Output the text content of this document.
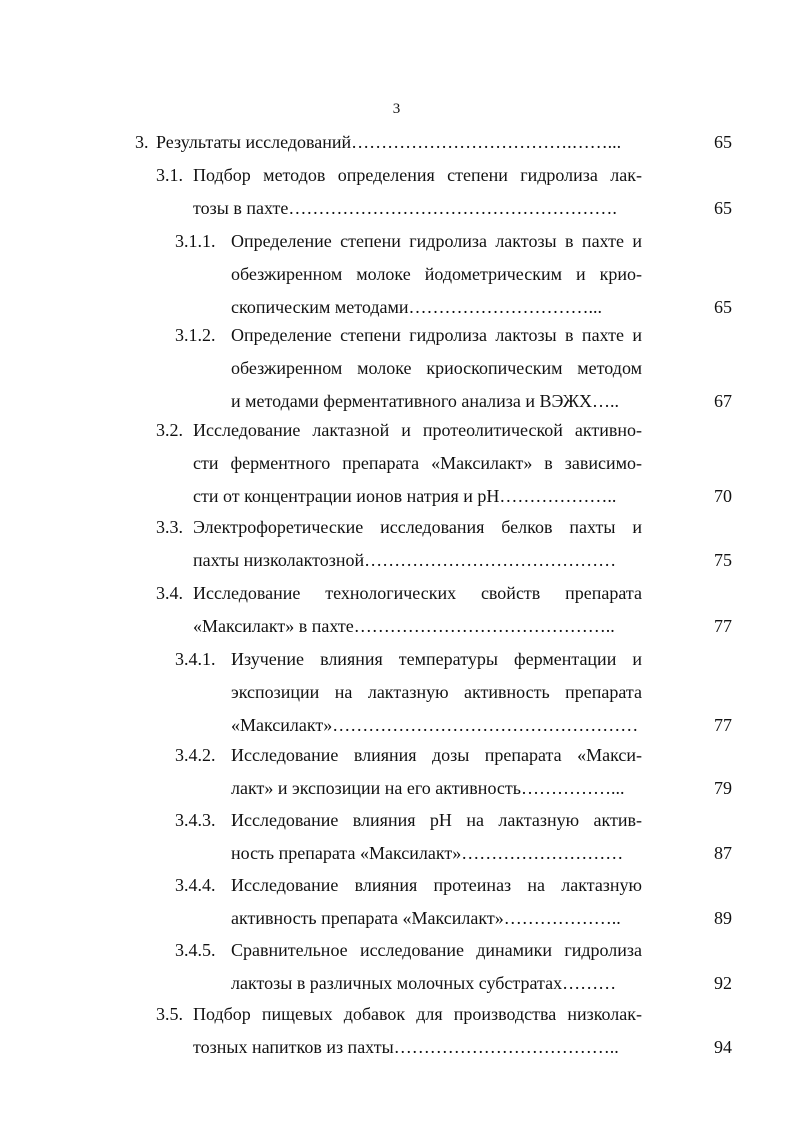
3
3. Результаты исследований……………………………….……...	65
3.1. Подбор методов определения степени гидролиза лак-
тозы в пахте……………………………………………….	65
3.1.1. Определение степени гидролиза лактозы в пахте и
обезжиренном молоке йодометрическим и крио-
скопическим методами…………………………...	65
3.1.2. Определение степени гидролиза лактозы в пахте и
обезжиренном молоке криоскопическим методом
и методами ферментативного анализа и ВЭЖХ…..	67
3.2. Исследование лактазной и протеолитической активно-
сти ферментного препарата «Максилакт» в зависимо-
сти от концентрации ионов натрия и рН………………..	70
3.3. Электрофоретические исследования белков пахты и
пахты низколактозной……………………………………	75
3.4. Исследование технологических свойств препарата
«Максилакт» в пахте……………………………………..	77
3.4.1. Изучение влияния температуры ферментации и
экспозиции на лактазную активность препарата
«Максилакт»……………………………………………	77
3.4.2. Исследование влияния дозы препарата «Макси-
лакт» и экспозиции на его активность……………...	79
3.4.3. Исследование влияния рН на лактазную актив-
ность препарата «Максилакт»………………………	87
3.4.4. Исследование влияния протеиназ на лактазную
активность препарата «Максилакт»………………..	89
3.4.5. Сравнительное исследование динамики гидролиза
лактозы в различных молочных субстратах………	92
3.5. Подбор пищевых добавок для производства низколак-
тозных напитков из пахты………………………………..	94
